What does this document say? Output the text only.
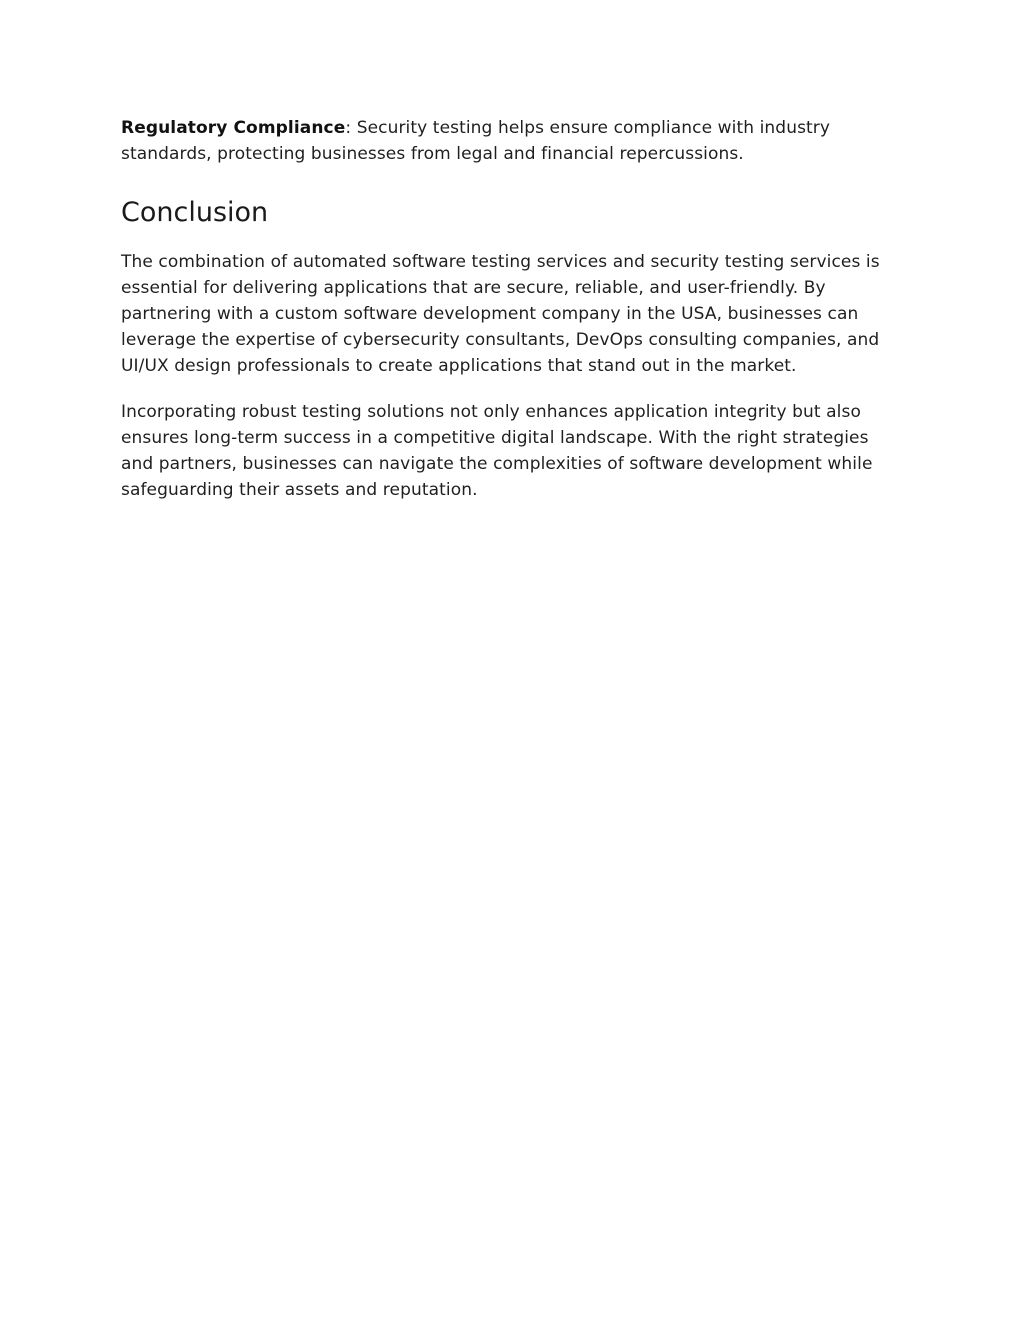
Regulatory Compliance: Security testing helps ensure compliance with industry standards, protecting businesses from legal and financial repercussions.

Conclusion

The combination of automated software testing services and security testing services is essential for delivering applications that are secure, reliable, and user-friendly. By partnering with a custom software development company in the USA, businesses can leverage the expertise of cybersecurity consultants, DevOps consulting companies, and UI/UX design professionals to create applications that stand out in the market.

Incorporating robust testing solutions not only enhances application integrity but also ensures long-term success in a competitive digital landscape. With the right strategies and partners, businesses can navigate the complexities of software development while safeguarding their assets and reputation.
